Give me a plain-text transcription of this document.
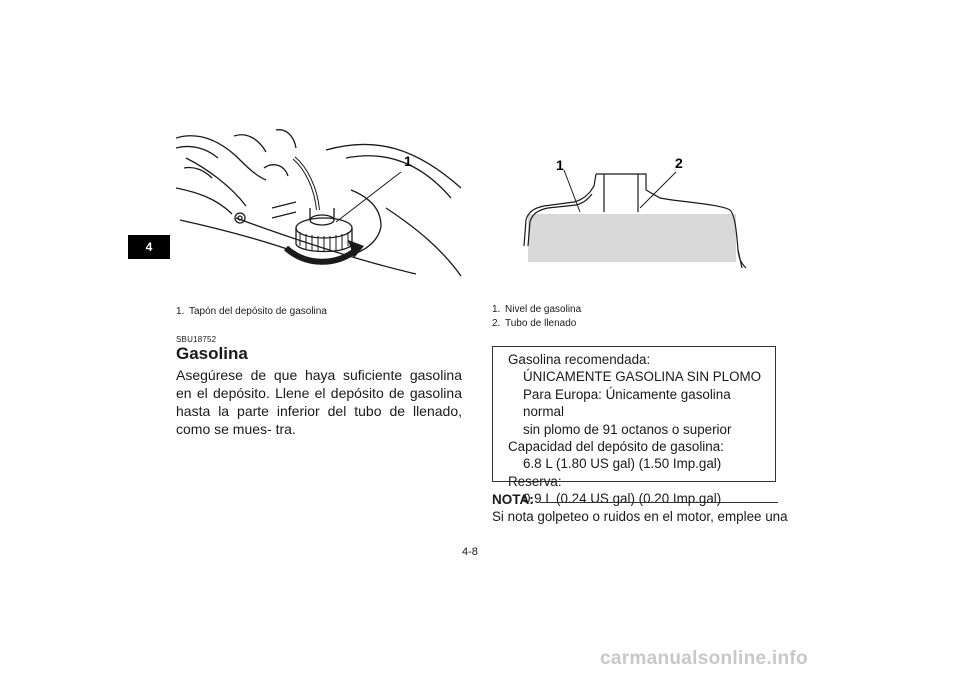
4
1
1. Tapón del depósito de gasolina
1	2
1. Nivel de gasolina
2. Tubo de llenado
SBU18752
Gasolina
Asegúrese de que haya suficiente gasolina en el depósito. Llene el depósito de gasolina hasta la parte inferior del tubo de llenado, como se mues- tra.
Gasolina recomendada:
ÚNICAMENTE GASOLINA SIN PLOMO
Para Europa: Únicamente gasolina normal
sin plomo de 91 octanos o superior
Capacidad del depósito de gasolina:
6.8 L (1.80 US gal) (1.50 Imp.gal)
Reserva:
0.9 L (0.24 US gal) (0.20 Imp.gal)
NOTA:
Si nota golpeteo o ruidos en el motor, emplee una
4-8
carmanualsonline.info
